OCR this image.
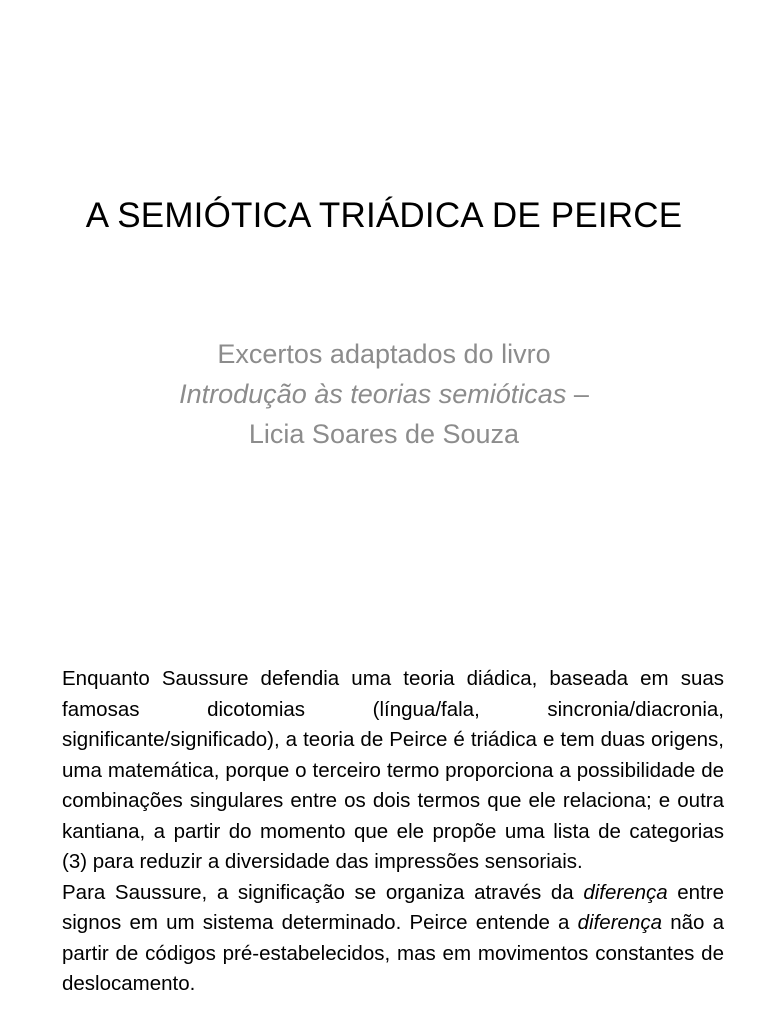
A SEMIÓTICA TRIÁDICA DE PEIRCE
Excertos adaptados do livro
Introdução às teorias semióticas –
Licia Soares de Souza

Enquanto Saussure defendia uma teoria diádica, baseada em suas famosas dicotomias (língua/fala, sincronia/diacronia, significante/significado), a teoria de Peirce é triádica e tem duas origens, uma matemática, porque o terceiro termo proporciona a possibilidade de combinações singulares entre os dois termos que ele relaciona; e outra kantiana, a partir do momento que ele propõe uma lista de categorias (3) para reduzir a diversidade das impressões sensoriais.

Para Saussure, a significação se organiza através da diferença entre signos em um sistema determinado. Peirce entende a diferença não a partir de códigos pré-estabelecidos, mas em movimentos constantes de deslocamento.
